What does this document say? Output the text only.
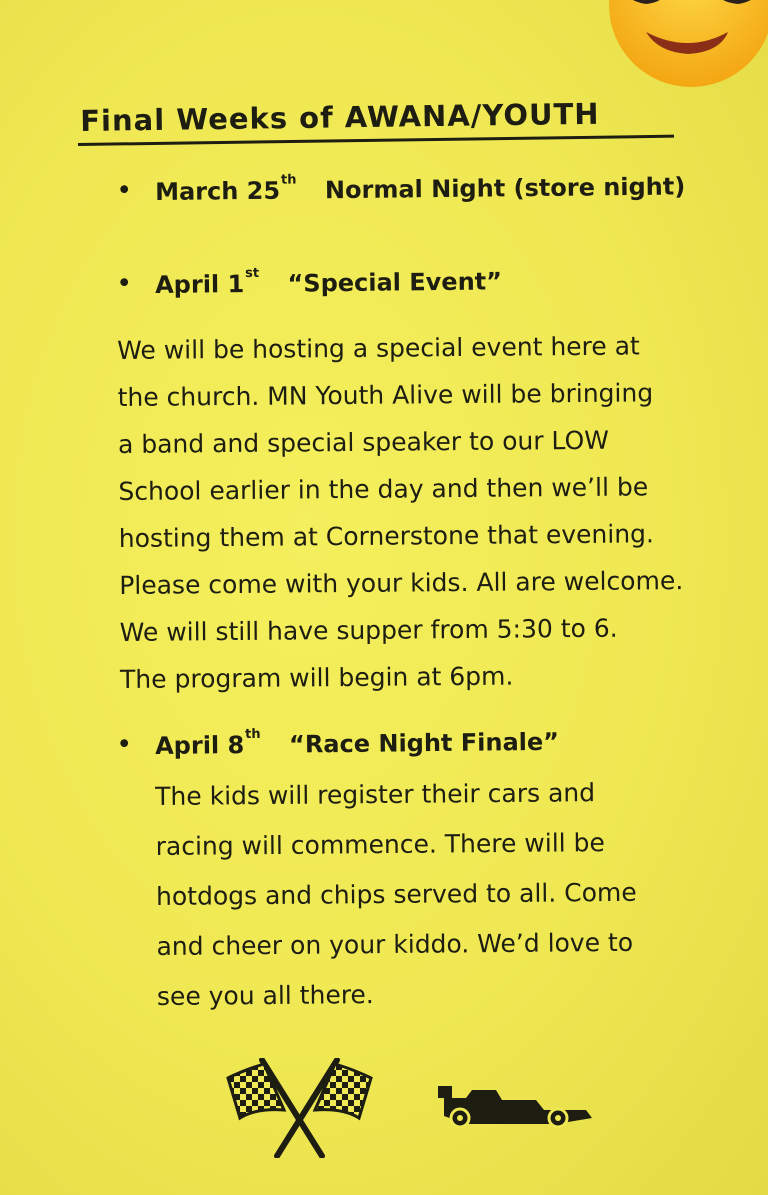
Final Weeks of AWANA/YOUTH
• March 25th Normal Night (store night)
• April 1st “Special Event”
We will be hosting a special event here at
the church. MN Youth Alive will be bringing
a band and special speaker to our LOW
School earlier in the day and then we’ll be
hosting them at Cornerstone that evening.
Please come with your kids. All are welcome.
We will still have supper from 5:30 to 6.
The program will begin at 6pm.
• April 8th “Race Night Finale”
The kids will register their cars and
racing will commence. There will be
hotdogs and chips served to all. Come
and cheer on your kiddo. We’d love to
see you all there.
